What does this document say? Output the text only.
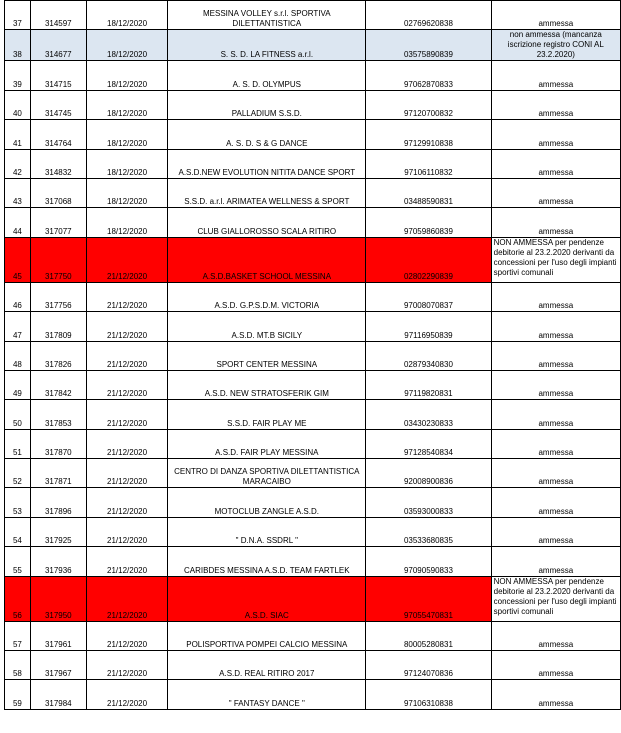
37	314597	18/12/2020	MESSINA VOLLEY s.r.l. SPORTIVA DILETTANTISTICA	02769620838	ammessa
38	314677	18/12/2020	S. S. D. LA FITNESS a.r.l.	03575890839	non ammessa (mancanza iscrizione registro CONI AL 23.2.2020)
39	314715	18/12/2020	A. S. D. OLYMPUS	97062870833	ammessa
40	314745	18/12/2020	PALLADIUM S.S.D.	97120700832	ammessa
41	314764	18/12/2020	A. S. D. S & G DANCE	97129910838	ammessa
42	314832	18/12/2020	A.S.D.NEW EVOLUTION NITITA DANCE SPORT	97106110832	ammessa
43	317068	18/12/2020	S.S.D. a.r.l. ARIMATEA WELLNESS & SPORT	03488590831	ammessa
44	317077	18/12/2020	CLUB GIALLOROSSO SCALA RITIRO	97059860839	ammessa
45	317750	21/12/2020	A.S.D.BASKET SCHOOL MESSINA	02802290839	NON AMMESSA per pendenze debitorie al 23.2.2020 derivanti da concessioni per l'uso degli impianti sportivi comunali
46	317756	21/12/2020	A.S.D. G.P.S.D.M. VICTORIA	97008070837	ammessa
47	317809	21/12/2020	A.S.D. MT.B SICILY	97116950839	ammessa
48	317826	21/12/2020	SPORT CENTER MESSINA	02879340830	ammessa
49	317842	21/12/2020	A.S.D. NEW STRATOSFERIK GIM	97119820831	ammessa
50	317853	21/12/2020	S.S.D. FAIR PLAY ME	03430230833	ammessa
51	317870	21/12/2020	A.S.D. FAIR PLAY MESSINA	97128540834	ammessa
52	317871	21/12/2020	CENTRO DI DANZA SPORTIVA DILETTANTISTICA MARACAIBO	92008900836	ammessa
53	317896	21/12/2020	MOTOCLUB ZANGLE A.S.D.	03593000833	ammessa
54	317925	21/12/2020	" D.N.A. SSDRL "	03533680835	ammessa
55	317936	21/12/2020	CARIBDES MESSINA A.S.D. TEAM FARTLEK	97090590833	ammessa
56	317950	21/12/2020	A.S.D. SIAC	97055470831	NON AMMESSA per pendenze debitorie al 23.2.2020 derivanti da concessioni per l'uso degli impianti sportivi comunali
57	317961	21/12/2020	POLISPORTIVA POMPEI CALCIO MESSINA	80005280831	ammessa
58	317967	21/12/2020	A.S.D. REAL RITIRO 2017	97124070836	ammessa
59	317984	21/12/2020	" FANTASY DANCE "	97106310838	ammessa
